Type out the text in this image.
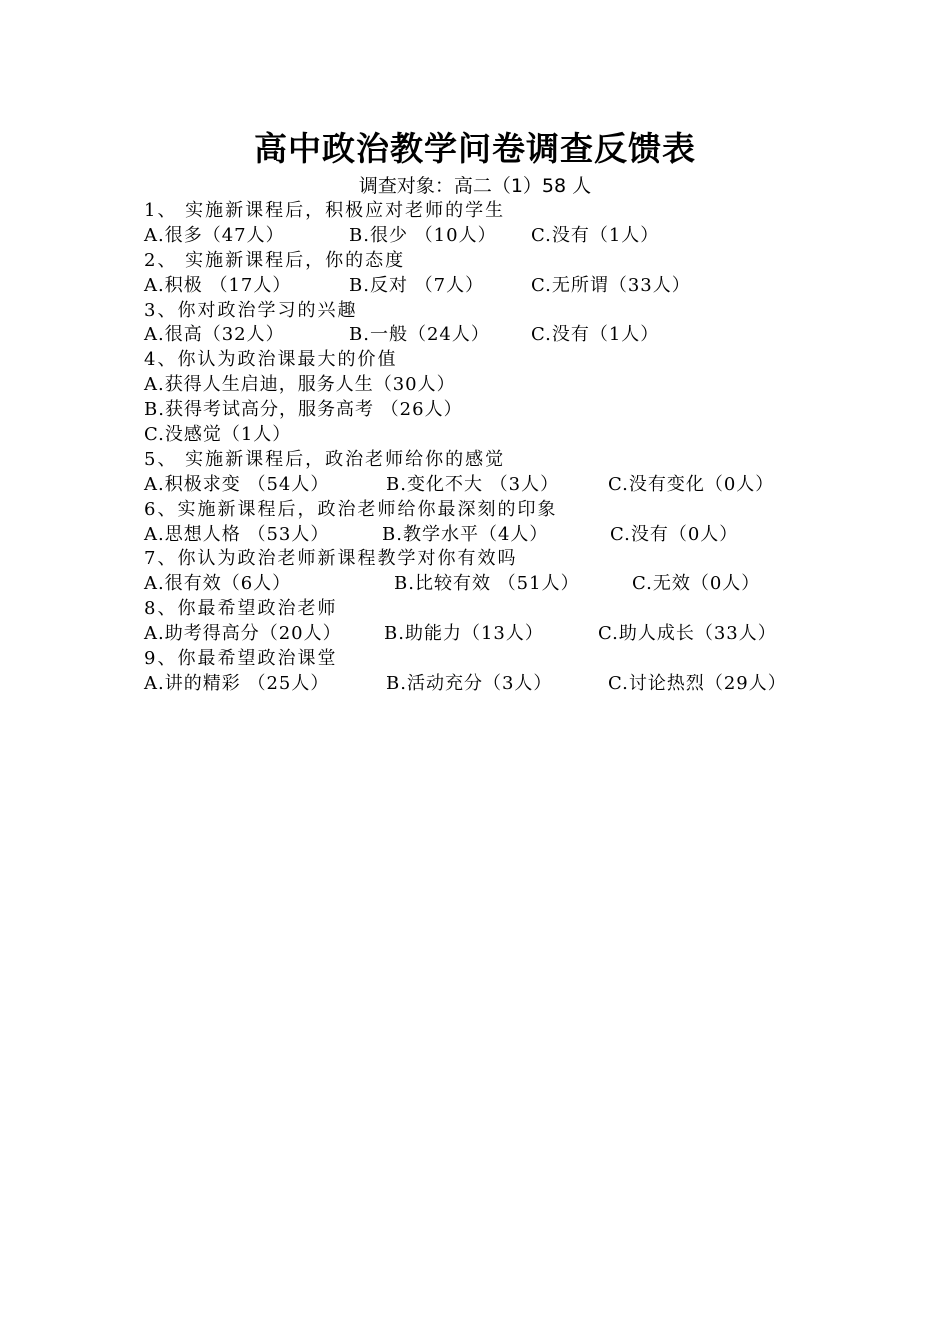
高中政治教学问卷调查反馈表
调查对象：高二（1）58 人
1、 实施新课程后，积极应对老师的学生
A.很多（47人）	B.很少 （10人） C.没有（1人）
2、 实施新课程后，你的态度
A.积极 （17人）	B.反对 （7人）	C.无所谓（33人）
3、你对政治学习的兴趣
A.很高（32人）	B.一般（24人） C.没有（1人）
4、你认为政治课最大的价值
A.获得人生启迪，服务人生（30人）
B.获得考试高分，服务高考 （26人）
C.没感觉（1人）
5、 实施新课程后，政治老师给你的感觉
A.积极求变 （54人）	B.变化不大 （3人）	C.没有变化（0人）
6、实施新课程后，政治老师给你最深刻的印象
A.思想人格 （53人）	B.教学水平（4人）	C.没有（0人）
7、你认为政治老师新课程教学对你有效吗
A.很有效（6人）	B.比较有效 （51人）	C.无效（0人）
8、你最希望政治老师
A.助考得高分（20人） B.助能力（13人）	C.助人成长（33人）
9、你最希望政治课堂
A.讲的精彩 （25人）	B.活动充分（3人）	C.讨论热烈（29人）
